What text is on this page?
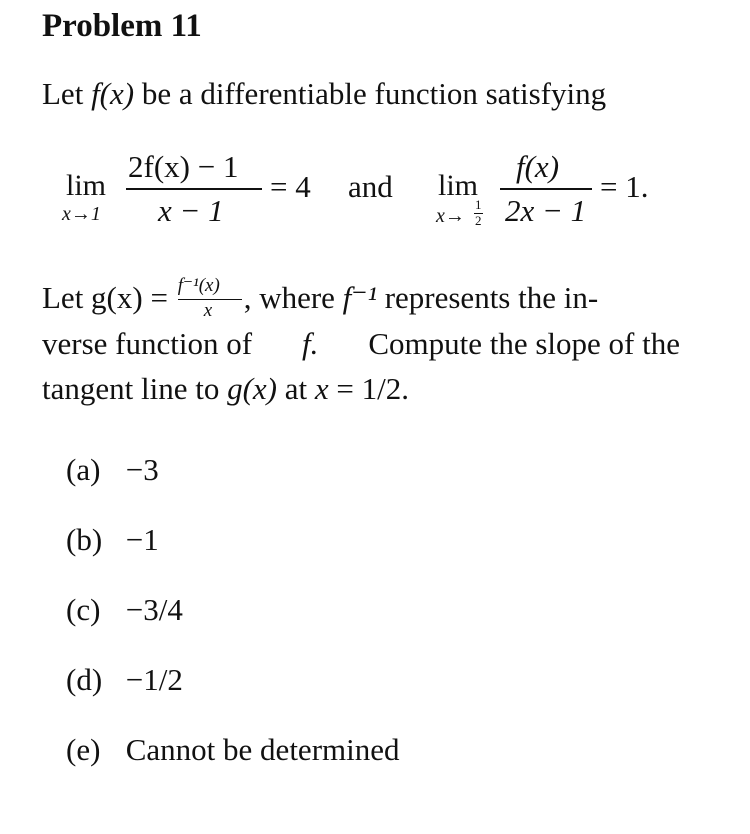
Problem 11
Let f(x) be a differentiable function satisfying
lim
x→1
2f(x) − 1
x − 1
= 4 and lim
x→
1
2
f(x)
2x − 1
= 1.
Let $g(x) = \frac{\text{f⁻¹(x)}}{x}$ , where f⁻¹ represents the in-
verse function of f. Compute the slope of the
tangent line to g(x) at x = 1/2.
(a) −3
(b) −1
(c) −3/4
(d) −1/2
(e) Cannot be determined
